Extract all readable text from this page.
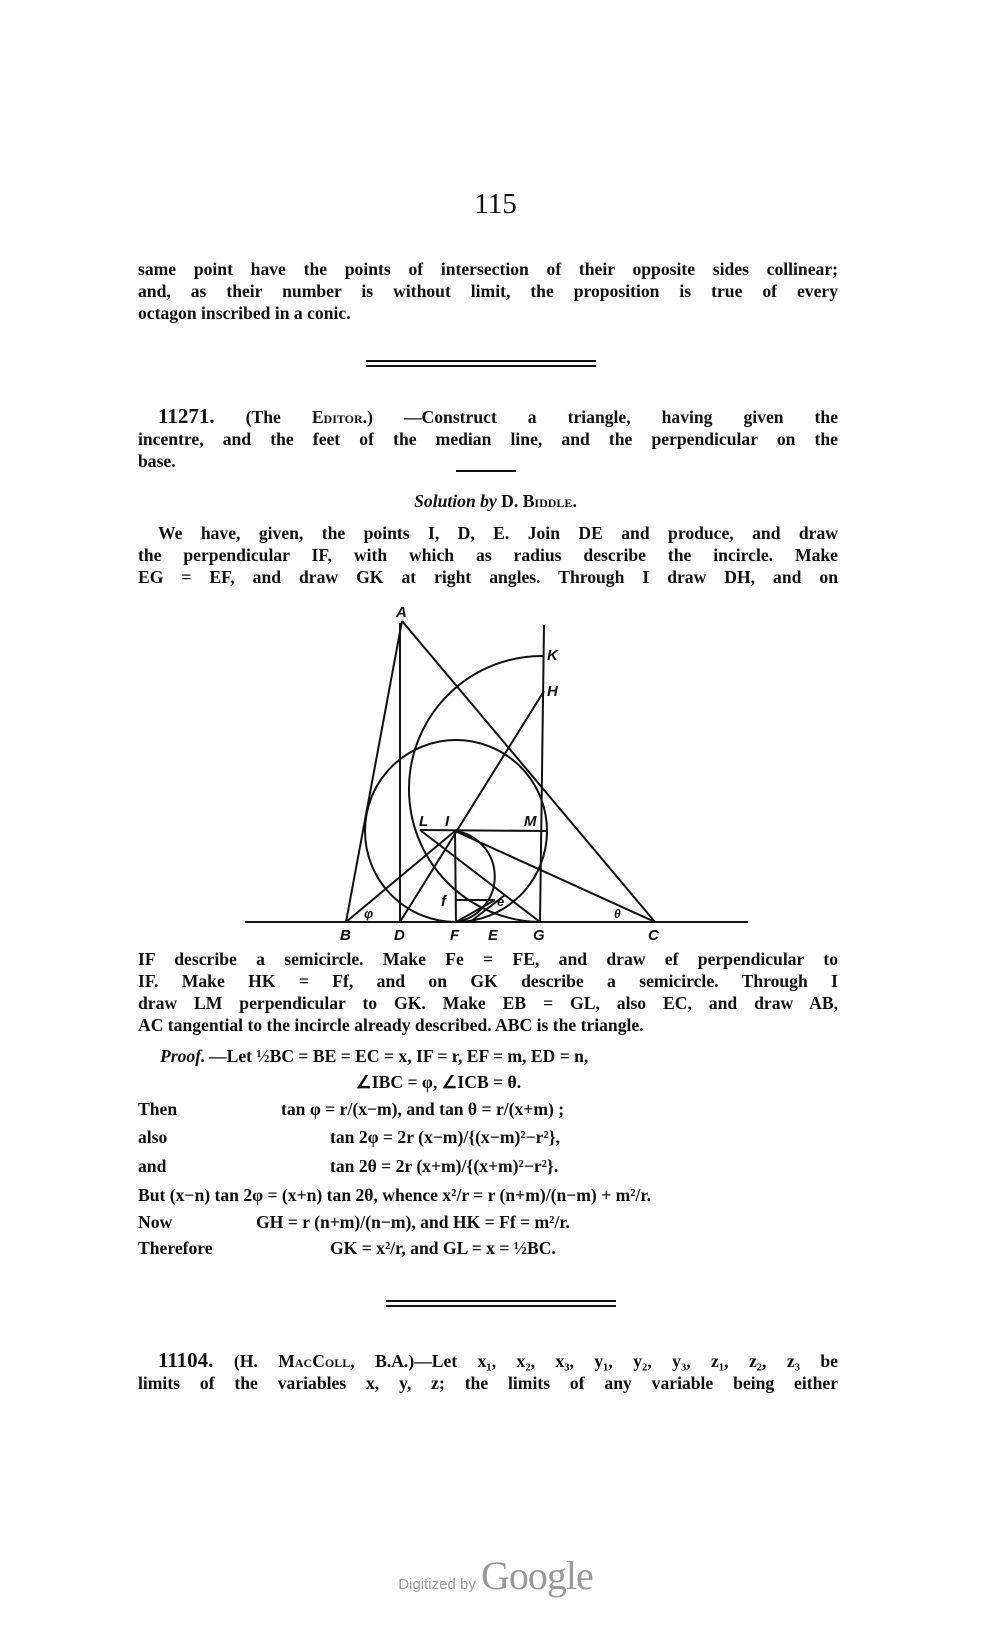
115
same point have the points of intersection of their opposite sides collinear;
and, as their number is without limit, the proposition is true of every
octagon inscribed in a conic.
11271. (The Editor.) —Construct a triangle, having given the
incentre, and the feet of the median line, and the perpendicular on the
base.
Solution by D. Biddle.
We have, given, the points I, D, E. Join DE and produce, and draw
the perpendicular IF, with which as radius describe the incircle. Make
EG = EF, and draw GK at right angles. Through I draw DH, and on
A
K
H
L I	M
f	e
φ	θ
B	D	F E G	C
IF describe a semicircle. Make Fe = FE, and draw ef perpendicular to
IF. Make HK = Ff, and on GK describe a semicircle. Through I
draw LM perpendicular to GK. Make EB = GL, also EC, and draw AB,
AC tangential to the incircle already described. ABC is the triangle.
Proof. —Let ½BC = BE = EC = x, IF = r, EF = m, ED = n,
∠IBC = φ, ∠ICB = θ.
Then	tan φ = r/(x−m), and tan θ = r/(x+m) ;
also	tan 2φ = 2r (x−m)/{(x−m)²−r²},
and	tan 2θ = 2r (x+m)/{(x+m)²−r²}.
But (x−n) tan 2φ = (x+n) tan 2θ, whence x²/r = r (n+m)/(n−m) + m²/r.
Now	GH = r (n+m)/(n−m), and HK = Ff = m²/r.
Therefore	GK = x²/r, and GL = x = ½BC.
11104. (H. MacColl, B.A.)—Let x₁, x₂, x₃, y₁, y₂, y₃, z₁, z₂, z₃ be
limits of the variables x, y, z; the limits of any variable being either
Digitized by Google
